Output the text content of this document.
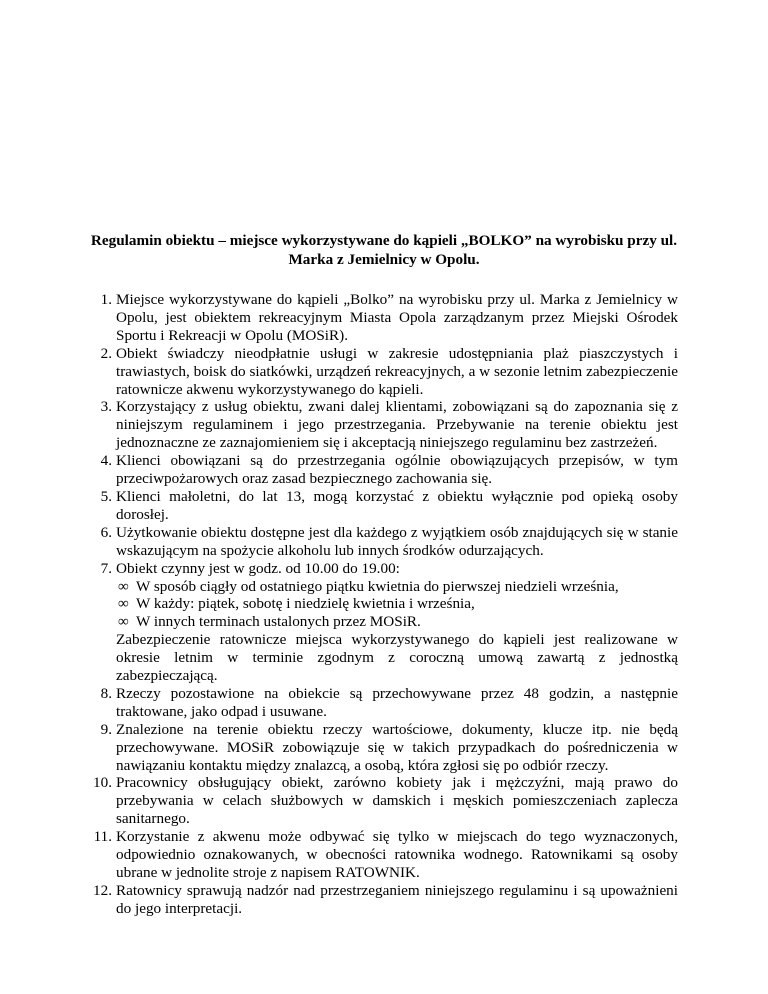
Regulamin obiektu – miejsce wykorzystywane do kąpieli „BOLKO” na wyrobisku przy ul. Marka z Jemielnicy w Opolu.
1. Miejsce wykorzystywane do kąpieli „Bolko” na wyrobisku przy ul. Marka z Jemielnicy w Opolu, jest obiektem rekreacyjnym Miasta Opola zarządzanym przez Miejski Ośrodek Sportu i Rekreacji w Opolu (MOSiR).
2. Obiekt świadczy nieodpłatnie usługi w zakresie udostępniania plaż piaszczystych i trawiastych, boisk do siatkówki, urządzeń rekreacyjnych, a w sezonie letnim zabezpieczenie ratownicze akwenu wykorzystywanego do kąpieli.
3. Korzystający z usług obiektu, zwani dalej klientami, zobowiązani są do zapoznania się z niniejszym regulaminem i jego przestrzegania. Przebywanie na terenie obiektu jest jednoznaczne ze zaznajomieniem się i akceptacją niniejszego regulaminu bez zastrzeżeń.
4. Klienci obowiązani są do przestrzegania ogólnie obowiązujących przepisów, w tym przeciwpożarowych oraz zasad bezpiecznego zachowania się.
5. Klienci małoletni, do lat 13, mogą korzystać z obiektu wyłącznie pod opieką osoby dorosłej.
6. Użytkowanie obiektu dostępne jest dla każdego z wyjątkiem osób znajdujących się w stanie wskazującym na spożycie alkoholu lub innych środków odurzających.
7. Obiekt czynny jest w godz. od 10.00 do 19.00:
∞ W sposób ciągły od ostatniego piątku kwietnia do pierwszej niedzieli września,
∞ W każdy: piątek, sobotę i niedzielę kwietnia i września,
∞ W innych terminach ustalonych przez MOSiR.
Zabezpieczenie ratownicze miejsca wykorzystywanego do kąpieli jest realizowane w okresie letnim w terminie zgodnym z coroczną umową zawartą z jednostką zabezpieczającą.
8. Rzeczy pozostawione na obiekcie są przechowywane przez 48 godzin, a następnie traktowane, jako odpad i usuwane.
9. Znalezione na terenie obiektu rzeczy wartościowe, dokumenty, klucze itp. nie będą przechowywane. MOSiR zobowiązuje się w takich przypadkach do pośredniczenia w nawiązaniu kontaktu między znalazcą, a osobą, która zgłosi się po odbiór rzeczy.
10. Pracownicy obsługujący obiekt, zarówno kobiety jak i mężczyźni, mają prawo do przebywania w celach służbowych w damskich i męskich pomieszczeniach zaplecza sanitarnego.
11. Korzystanie z akwenu może odbywać się tylko w miejscach do tego wyznaczonych, odpowiednio oznakowanych, w obecności ratownika wodnego. Ratownikami są osoby ubrane w jednolite stroje z napisem RATOWNIK.
12. Ratownicy sprawują nadzór nad przestrzeganiem niniejszego regulaminu i są upoważnieni do jego interpretacji.
